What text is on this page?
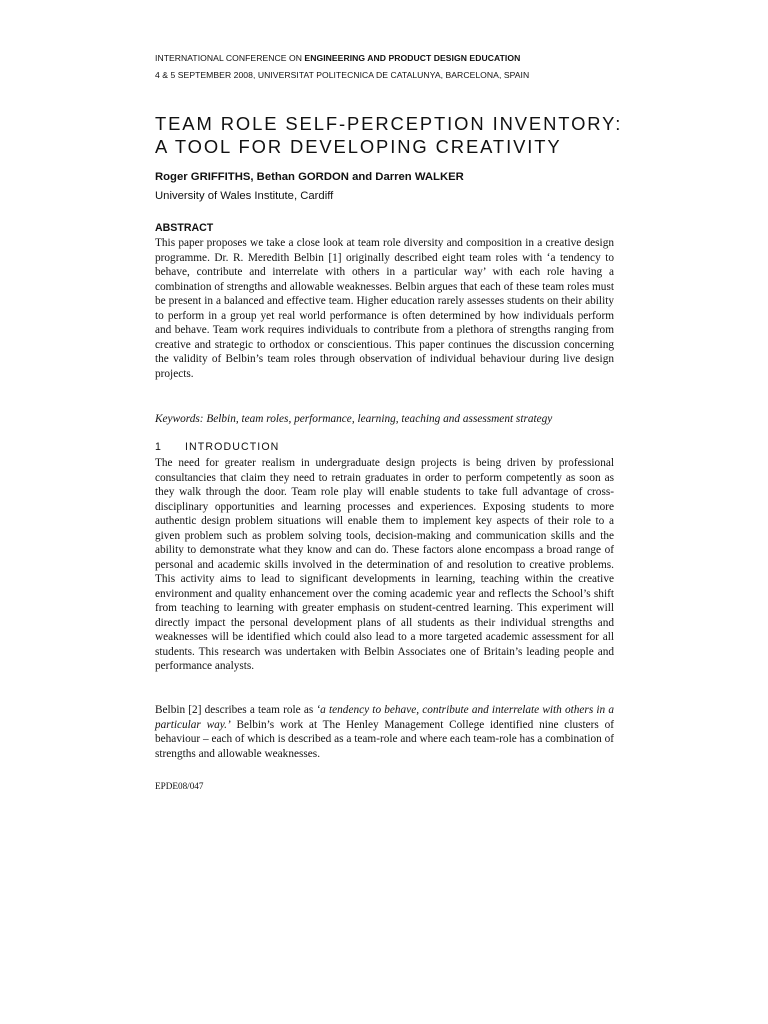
INTERNATIONAL CONFERENCE ON ENGINEERING AND PRODUCT DESIGN EDUCATION
4 & 5 SEPTEMBER 2008, UNIVERSITAT POLITECNICA DE CATALUNYA, BARCELONA, SPAIN
TEAM ROLE SELF-PERCEPTION INVENTORY:
A TOOL FOR DEVELOPING CREATIVITY
Roger GRIFFITHS, Bethan GORDON and Darren WALKER
University of Wales Institute, Cardiff
ABSTRACT
This paper proposes we take a close look at team role diversity and composition in a creative design programme. Dr. R. Meredith Belbin [1] originally described eight team roles with ‘a tendency to behave, contribute and interrelate with others in a particular way’ with each role having a combination of strengths and allowable weaknesses. Belbin argues that each of these team roles must be present in a balanced and effective team. Higher education rarely assesses students on their ability to perform in a group yet real world performance is often determined by how individuals perform and behave. Team work requires individuals to contribute from a plethora of strengths ranging from creative and strategic to orthodox or conscientious. This paper continues the discussion concerning the validity of Belbin’s team roles through observation of individual behaviour during live design projects.
Keywords: Belbin, team roles, performance, learning, teaching and assessment strategy
1 INTRODUCTION
The need for greater realism in undergraduate design projects is being driven by professional consultancies that claim they need to retrain graduates in order to perform competently as soon as they walk through the door. Team role play will enable students to take full advantage of cross-disciplinary opportunities and learning processes and experiences. Exposing students to more authentic design problem situations will enable them to implement key aspects of their role to a given problem such as problem solving tools, decision-making and communication skills and the ability to demonstrate what they know and can do. These factors alone encompass a broad range of personal and academic skills involved in the determination of and resolution to creative problems. This activity aims to lead to significant developments in learning, teaching within the creative environment and quality enhancement over the coming academic year and reflects the School’s shift from teaching to learning with greater emphasis on student-centred learning. This experiment will directly impact the personal development plans of all students as their individual strengths and weaknesses will be identified which could also lead to a more targeted academic assessment for all students. This research was undertaken with Belbin Associates one of Britain’s leading people and performance analysts.
Belbin [2] describes a team role as ‘a tendency to behave, contribute and interrelate with others in a particular way.’ Belbin’s work at The Henley Management College identified nine clusters of behaviour – each of which is described as a team-role and where each team-role has a combination of strengths and allowable weaknesses.
EPDE08/047
